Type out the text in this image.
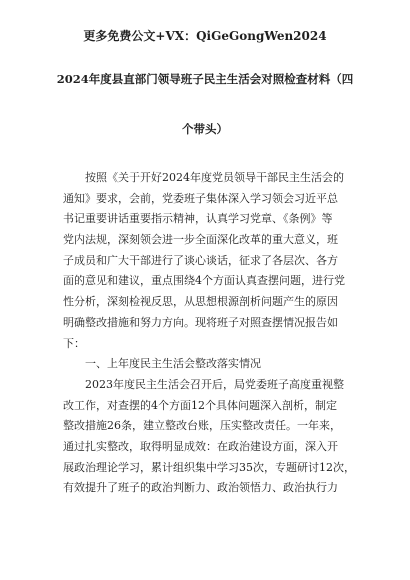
更多免费公文+VX：QiGeGongWen2024
2024年度县直部门领导班子民主生活会对照检查材料（四
个带头）
按照《关于开好2024年度党员领导干部民主生活会的
通知》要求，会前，党委班子集体深入学习领会习近平总
书记重要讲话重要指示精神，认真学习党章、《条例》等
党内法规，深刻领会进一步全面深化改革的重大意义，班
子成员和广大干部进行了谈心谈话，征求了各层次、各方
面的意见和建议，重点围绕4个方面认真查摆问题，进行党
性分析，深刻检视反思，从思想根源剖析问题产生的原因
明确整改措施和努力方向。现将班子对照查摆情况报告如
下：
一、上年度民主生活会整改落实情况
2023年度民主生活会召开后，局党委班子高度重视整
改工作，对查摆的4个方面12个具体问题深入剖析，制定
整改措施26条，建立整改台账，压实整改责任。一年来，
通过扎实整改，取得明显成效：在政治建设方面，深入开
展政治理论学习，累计组织集中学习35次，专题研讨12次，
有效提升了班子的政治判断力、政治领悟力、政治执行力
